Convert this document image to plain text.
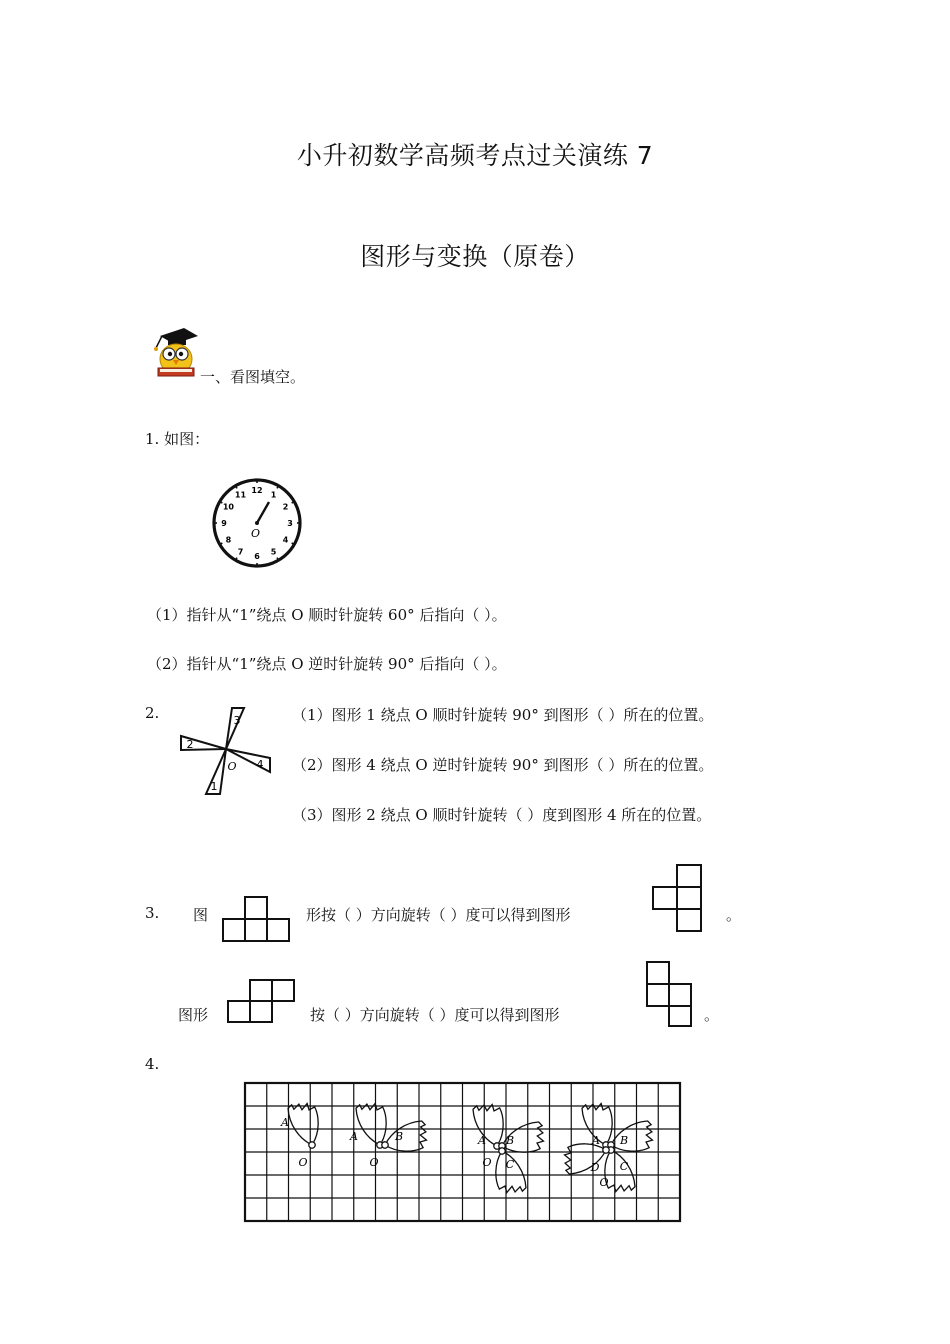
小升初数学高频考点过关演练 7
图形与变换（原卷）
一、看图填空。
1. 如图：
12 1
2
3
4
5
6
7
8
9
10
11
O
（1）指针从“1”绕点 O 顺时针旋转 60° 后指向（ ）。
（2）指针从“1”绕点 O 逆时针旋转 90° 后指向（ ）。
2.	3
2
4
1
O
（1）图形 1 绕点 O 顺时针旋转 90° 到图形（ ）所在的位置。
（2）图形 4 绕点 O 逆时针旋转 90° 到图形（ ）所在的位置。
（3）图形 2 绕点 O 顺时针旋转（ ）度到图形 4 所在的位置。
3. 图	形按（ ）方向旋转（ ）度可以得到图形	。
图形	按（ ）方向旋转（ ）度可以得到图形	。
4.
A
O
A	B
O
A B
C
O
A B
C
D
O
